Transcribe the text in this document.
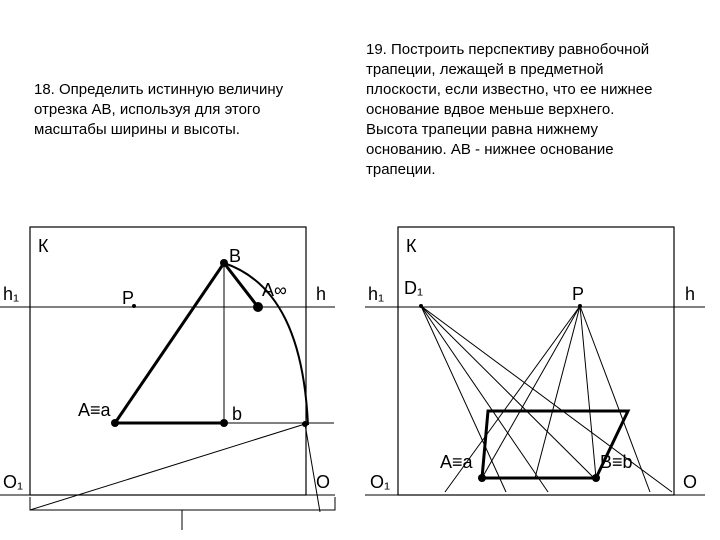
18. Определить истинную величину
отрезка АВ, используя для этого
масштабы ширины и высоты.

19. Построить перспективу равнобочной
трапеции, лежащей в предметной
плоскости, если известно, что ее нижнее
основание вдвое меньше верхнего.
Высота трапеции равна нижнему
основанию. АВ - нижнее основание
трапеции.

К
h₁	P	h
B
A∞
A≡a	b
O₁	O
К
h₁ D₁	P	h
A≡a	B≡b
O₁	O
